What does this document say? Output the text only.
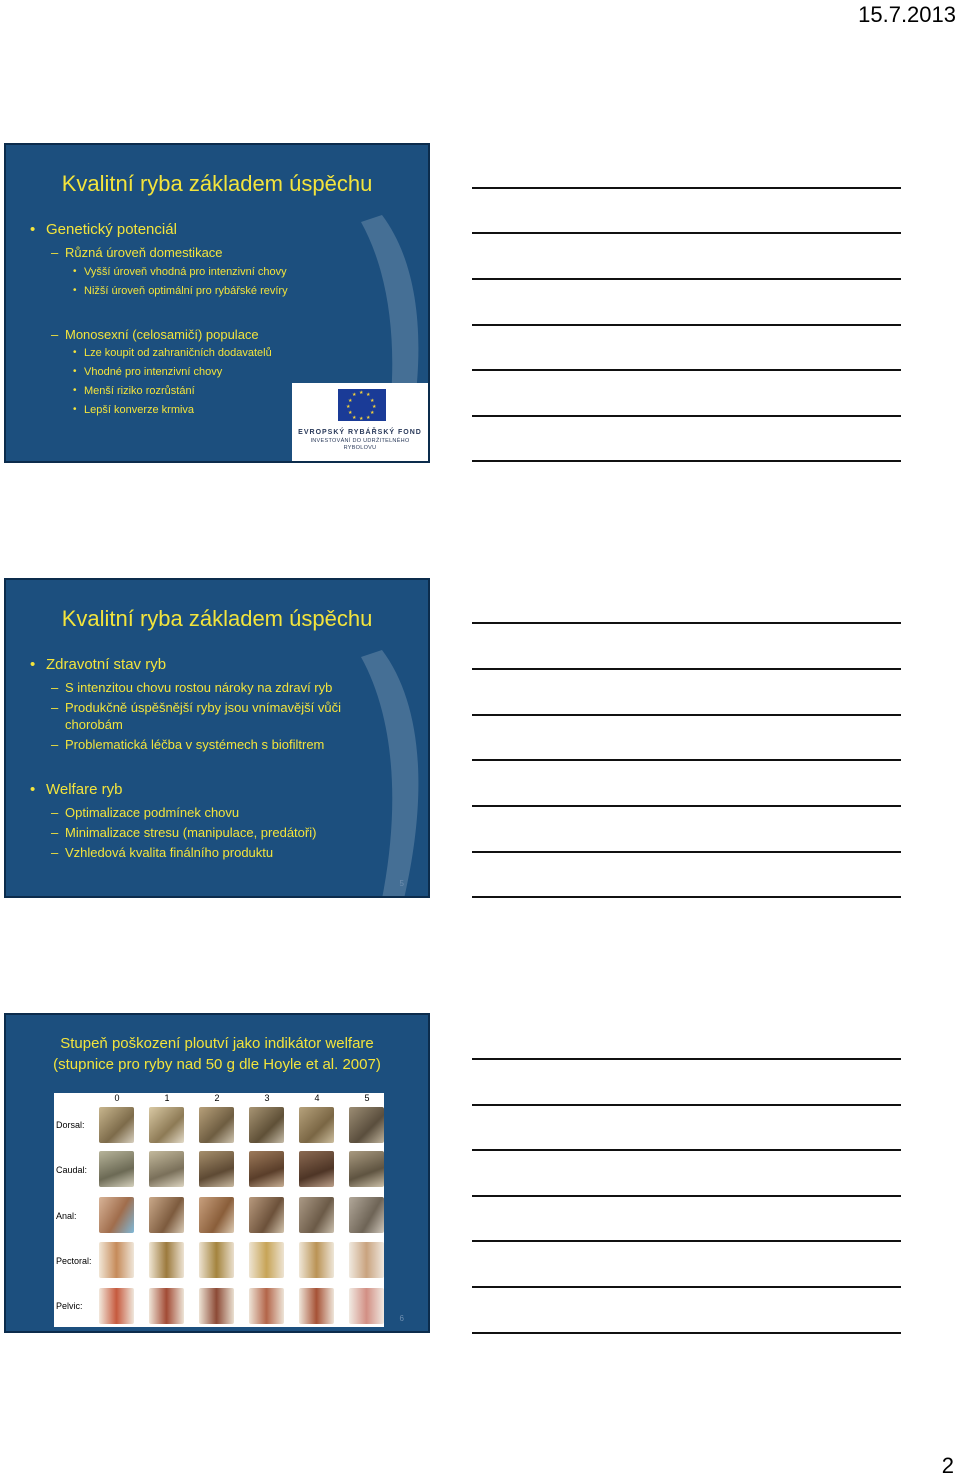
15.7.2013
Kvalitní ryba základem úspěchu
• Genetický potenciál
– Různá úroveň domestikace
• Vyšší úroveň vhodná pro intenzivní chovy
• Nižší úroveň optimální pro rybářské revíry
– Monosexní (celosamičí) populace
• Lze koupit od zahraničních dodavatelů
• Vhodné pro intenzivní chovy
• Menší riziko rozrůstání
• Lepší konverze krmiva
★ ★
★
★
★
★
★
★
★
★
★
★
EVROPSKÝ RYBÁŘSKÝ FOND
INVESTOVÁNÍ DO UDRŽITELNÉHO
RYBOLOVU
Kvalitní ryba základem úspěchu
• Zdravotní stav ryb
– S intenzitou chovu rostou nároky na zdraví ryb
– Produkčně úspěšnější ryby jsou vnímavější vůči
chorobám
– Problematická léčba v systémech s biofiltrem
• Welfare ryb
– Optimalizace podmínek chovu
– Minimalizace stresu (manipulace, predátoři)
– Vzhledová kvalita finálního produktu
5
Stupeň poškození ploutví jako indikátor welfare
(stupnice pro ryby nad 50 g dle Hoyle et al. 2007)
0	1	2	3	4	5
Dorsal:
Caudal:
Anal:
Pectoral:
Pelvic:
6
2
